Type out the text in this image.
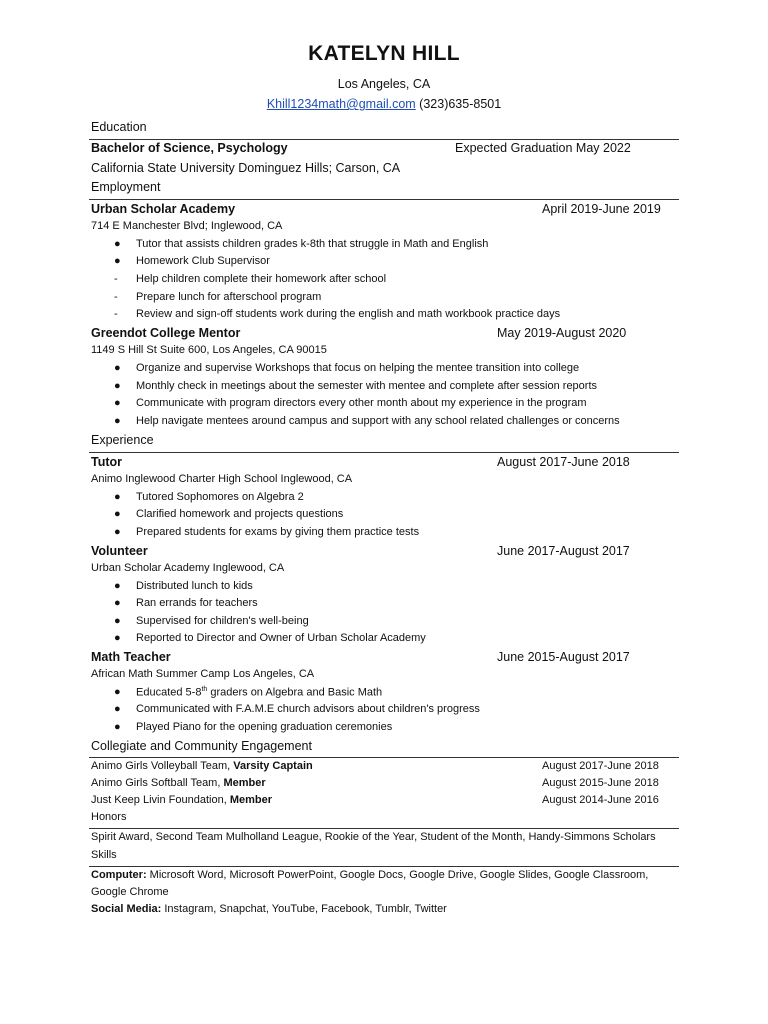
KATELYN HILL
Los Angeles, CA
Khill1234math@gmail.com (323)635-8501
Education
Bachelor of Science, Psychology	Expected Graduation May 2022
California State University Dominguez Hills; Carson, CA
Employment
Urban Scholar Academy	April 2019-June 2019
714 E Manchester Blvd; Inglewood, CA
● Tutor that assists children grades k-8th that struggle in Math and English
● Homework Club Supervisor
- Help children complete their homework after school
- Prepare lunch for afterschool program
- Review and sign-off students work during the english and math workbook practice days
Greendot College Mentor	May 2019-August 2020
1149 S Hill St Suite 600, Los Angeles, CA 90015
● Organize and supervise Workshops that focus on helping the mentee transition into college
● Monthly check in meetings about the semester with mentee and complete after session reports
● Communicate with program directors every other month about my experience in the program
● Help navigate mentees around campus and support with any school related challenges or concerns
Experience
Tutor	August 2017-June 2018
Animo Inglewood Charter High School Inglewood, CA
● Tutored Sophomores on Algebra 2
● Clarified homework and projects questions
● Prepared students for exams by giving them practice tests
Volunteer	June 2017-August 2017
Urban Scholar Academy Inglewood, CA
● Distributed lunch to kids
● Ran errands for teachers
● Supervised for children's well-being
● Reported to Director and Owner of Urban Scholar Academy
Math Teacher	June 2015-August 2017
African Math Summer Camp Los Angeles, CA
● Educated 5-8th graders on Algebra and Basic Math
● Communicated with F.A.M.E church advisors about children's progress
● Played Piano for the opening graduation ceremonies
Collegiate and Community Engagement
Animo Girls Volleyball Team, Varsity Captain	August 2017-June 2018
Animo Girls Softball Team, Member	August 2015-June 2018
Just Keep Livin Foundation, Member	August 2014-June 2016
Honors
Spirit Award, Second Team Mulholland League, Rookie of the Year, Student of the Month, Handy-Simmons Scholars
Skills
Computer: Microsoft Word, Microsoft PowerPoint, Google Docs, Google Drive, Google Slides, Google Classroom,
Google Chrome
Social Media: Instagram, Snapchat, YouTube, Facebook, Tumblr, Twitter
